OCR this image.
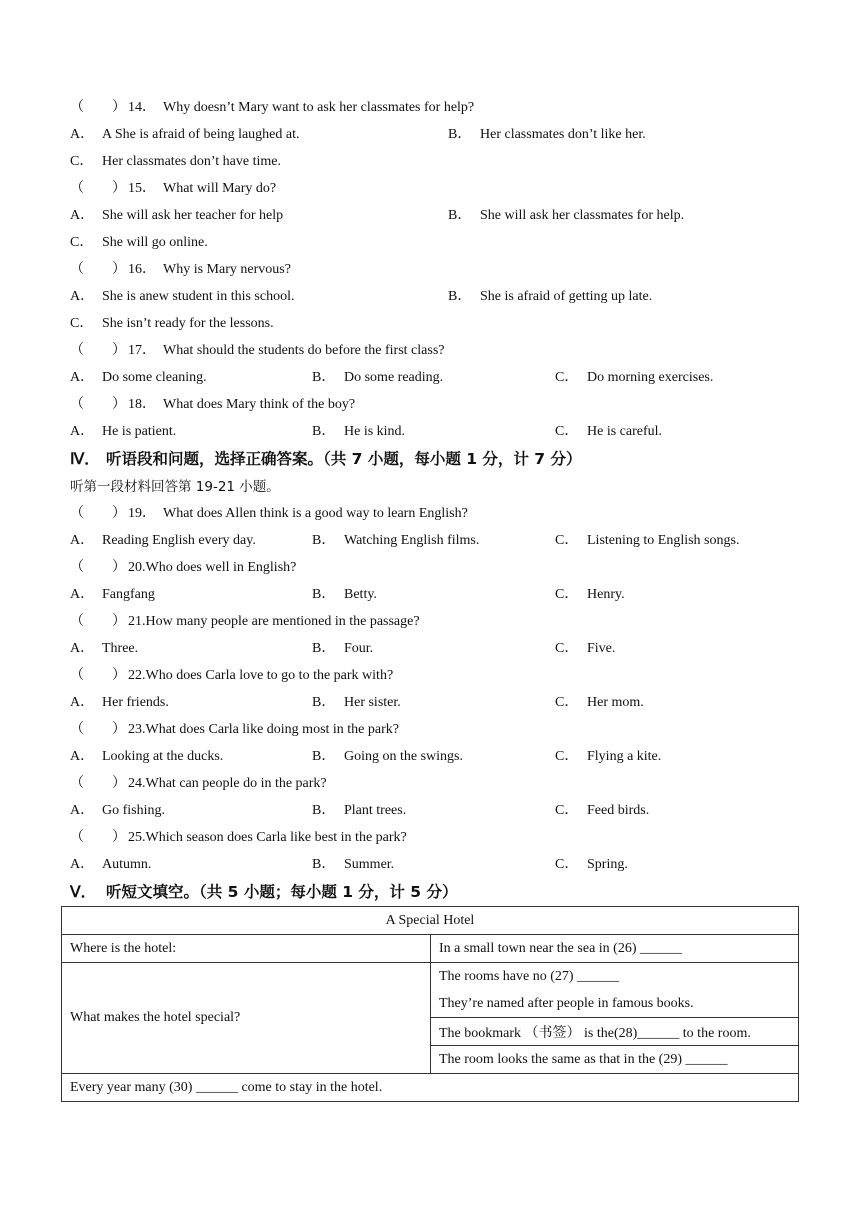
（　　） 14．　Why doesn’t Mary want to ask her classmates for help?
A． A She is afraid of being laughed at.	B． Her classmates don’t like her.
C． Her classmates don’t have time.
（　　） 15．　What will Mary do?
A． She will ask her teacher for help	B． She will ask her classmates for help.
C． She will go online.
（　　） 16．　Why is Mary nervous?
A． She is anew student in this school.	B． She is afraid of getting up late.
C． She isn’t ready for the lessons.
（　　） 17．　What should the students do before the first class?
A． Do some cleaning.	B． Do some reading.	C． Do morning exercises.
（　　） 18．　What does Mary think of the boy?
A． He is patient.	B． He is kind.	C． He is careful.
Ⅳ． 听语段和问题，选择正确答案。（共 7 小题，每小题 1 分，计 7 分）
听第一段材料回答第 19-21 小题。
（　　） 19．　What does Allen think is a good way to learn English?
A． Reading English every day.	B． Watching English films.	C． Listening to English songs.
（　　） 20.Who does well in English?
A． Fangfang	B． Betty.	C． Henry.
（　　） 21.How many people are mentioned in the passage?
A． Three.	B． Four.	C． Five.
（　　） 22.Who does Carla love to go to the park with?
A． Her friends.	B． Her sister.	C． Her mom.
（　　） 23.What does Carla like doing most in the park?
A． Looking at the ducks.	B． Going on the swings.	C． Flying a kite.
（　　） 24.What can people do in the park?
A． Go fishing.	B． Plant trees.	C． Feed birds.
（　　） 25.Which season does Carla like best in the park?
A． Autumn.	B． Summer.	C． Spring.
Ⅴ． 听短文填空。（共 5 小题；每小题 1 分，计 5 分）
A Special Hotel	
Where is the hotel:	In a small town near the sea in (26) ______
What makes the hotel special?	The rooms have no (27) ______
They’re named after people in famous books.

	The bookmark （书签） is the(28)______ to the room.
	The room looks the same as that in the (29) ______
Every year many (30) ______ come to stay in the hotel.	
